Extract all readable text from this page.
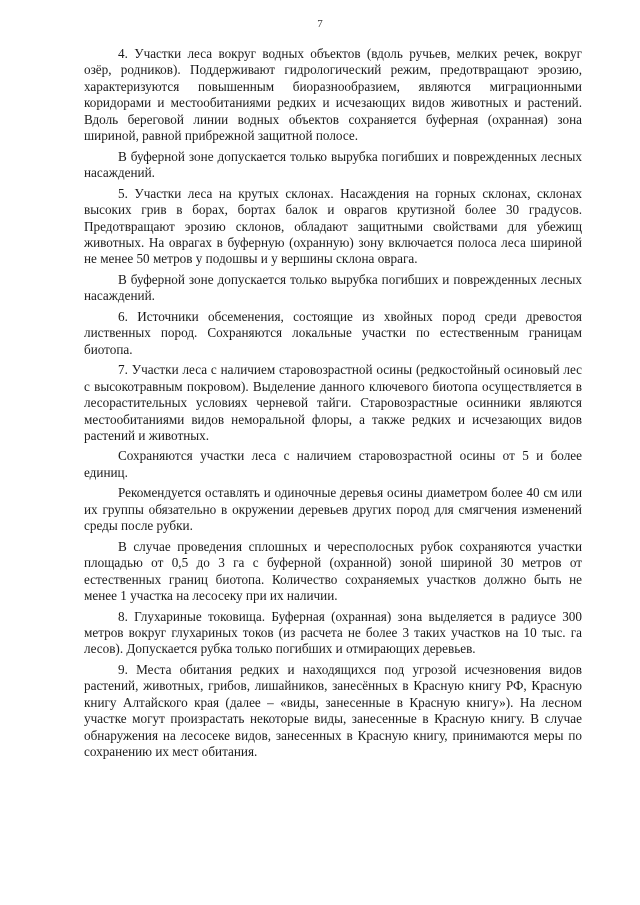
7

4. Участки леса вокруг водных объектов (вдоль ручьев, мелких речек, вокруг озёр, родников). Поддерживают гидрологический режим, предотвращают эрозию, характеризуются повышенным биоразнообразием, являются миграционными коридорами и местообитаниями редких и исчезающих видов животных и растений. Вдоль береговой линии водных объектов сохраняется буферная (охранная) зона шириной, равной прибрежной защитной полосе.

В буферной зоне допускается только вырубка погибших и поврежденных лесных насаждений.

5. Участки леса на крутых склонах. Насаждения на горных склонах, склонах высоких грив в борах, бортах балок и оврагов крутизной более 30 градусов. Предотвращают эрозию склонов, обладают защитными свойствами для убежищ животных. На оврагах в буферную (охранную) зону включается полоса леса шириной не менее 50 метров у подошвы и у вершины склона оврага.

В буферной зоне допускается только вырубка погибших и поврежденных лесных насаждений.

6. Источники обсеменения, состоящие из хвойных пород среди древостоя лиственных пород. Сохраняются локальные участки по естественным границам биотопа.

7. Участки леса с наличием старовозрастной осины (редкостойный осиновый лес с высокотравным покровом). Выделение данного ключевого биотопа осуществляется в лесорастительных условиях черневой тайги. Старовозрастные осинники являются местообитаниями видов неморальной флоры, а также редких и исчезающих видов растений и животных.

Сохраняются участки леса с наличием старовозрастной осины от 5 и более единиц.

Рекомендуется оставлять и одиночные деревья осины диаметром более 40 см или их группы обязательно в окружении деревьев других пород для смягчения изменений среды после рубки.

В случае проведения сплошных и чересполосных рубок сохраняются участки площадью от 0,5 до 3 га с буферной (охранной) зоной шириной 30 метров от естественных границ биотопа. Количество сохраняемых участков должно быть не менее 1 участка на лесосеку при их наличии.

8. Глухариные токовища. Буферная (охранная) зона выделяется в радиусе 300 метров вокруг глухариных токов (из расчета не более 3 таких участков на 10 тыс. га лесов). Допускается рубка только погибших и отмирающих деревьев.

9. Места обитания редких и находящихся под угрозой исчезновения видов растений, животных, грибов, лишайников, занесённых в Красную книгу РФ, Красную книгу Алтайского края (далее – «виды, занесенные в Красную книгу»). На лесном участке могут произрастать некоторые виды, занесенные в Красную книгу. В случае обнаружения на лесосеке видов, занесенных в Красную книгу, принимаются меры по сохранению их мест обитания.
